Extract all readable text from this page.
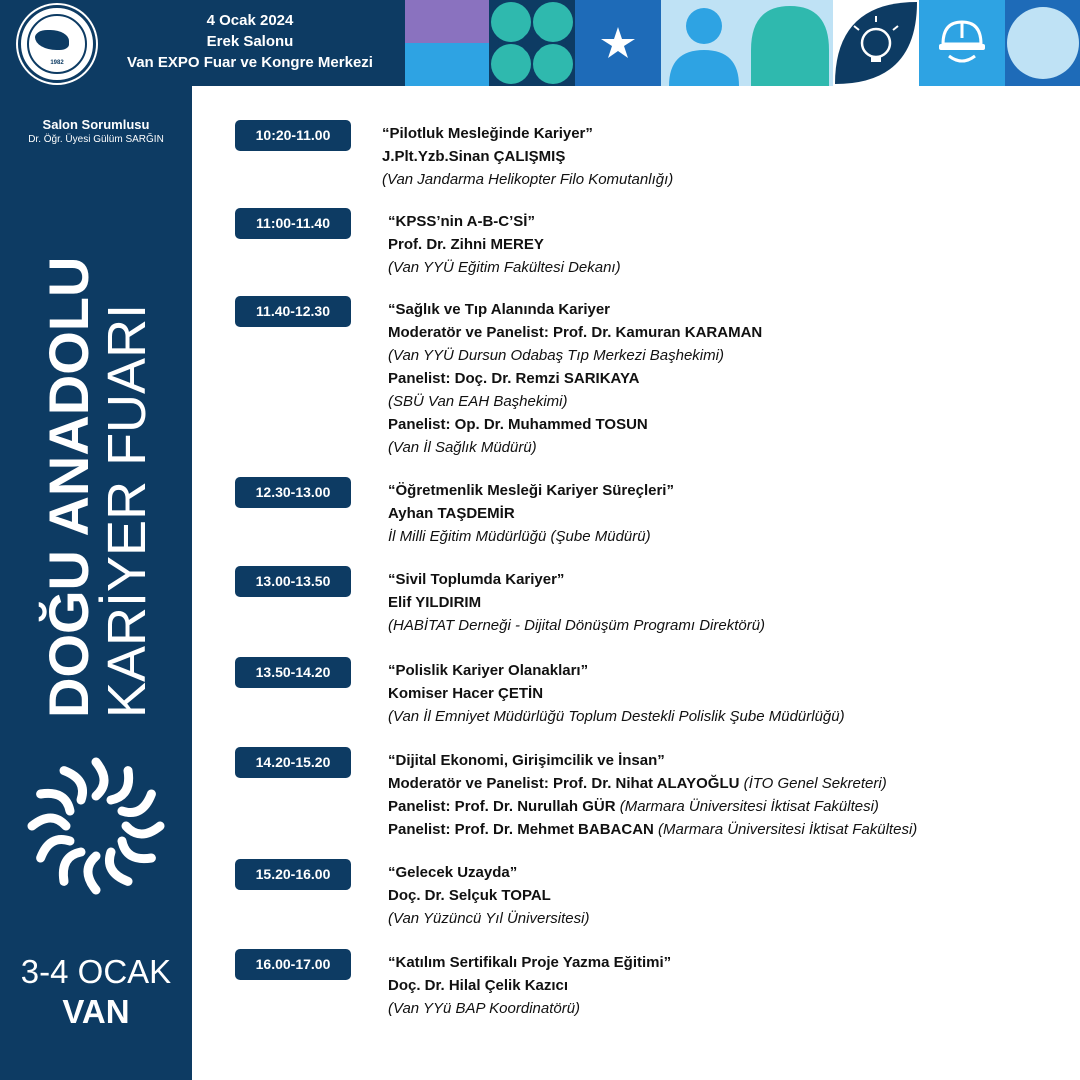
1982
4 Ocak 2024
Erek Salonu
Van EXPO Fuar ve Kongre Merkezi
Salon Sorumlusu
Dr. Öğr. Üyesi Gülüm SARĞIN
DOĞU ANADOLU
KARİYER FUARI
3-4 OCAK
VAN
10:20-11.00	“Pilotluk Mesleğinde Kariyer”
J.Plt.Yzb.Sinan ÇALIŞMIŞ
(Van Jandarma Helikopter Filo Komutanlığı)
11:00-11.40	“KPSS’nin A-B-C’Sİ”
Prof. Dr. Zihni MEREY
(Van YYÜ Eğitim Fakültesi Dekanı)
11.40-12.30	“Sağlık ve Tıp Alanında Kariyer
Moderatör ve Panelist: Prof. Dr. Kamuran KARAMAN
(Van YYÜ Dursun Odabaş Tıp Merkezi Başhekimi)
Panelist: Doç. Dr. Remzi SARIKAYA
(SBÜ Van EAH Başhekimi)
Panelist: Op. Dr. Muhammed TOSUN
(Van İl Sağlık Müdürü)
12.30-13.00	“Öğretmenlik Mesleği Kariyer Süreçleri”
Ayhan TAŞDEMİR
İl Milli Eğitim Müdürlüğü (Şube Müdürü)
13.00-13.50	“Sivil Toplumda Kariyer”
Elif YILDIRIM
(HABİTAT Derneği - Dijital Dönüşüm Programı Direktörü)
13.50-14.20	“Polislik Kariyer Olanakları”
Komiser Hacer ÇETİN
(Van İl Emniyet Müdürlüğü Toplum Destekli Polislik Şube Müdürlüğü)
14.20-15.20	“Dijital Ekonomi, Girişimcilik ve İnsan”
Moderatör ve Panelist: Prof. Dr. Nihat ALAYOĞLU (İTO Genel Sekreteri)
Panelist: Prof. Dr. Nurullah GÜR (Marmara Üniversitesi İktisat Fakültesi)
Panelist: Prof. Dr. Mehmet BABACAN (Marmara Üniversitesi İktisat Fakültesi)
15.20-16.00	“Gelecek Uzayda”
Doç. Dr. Selçuk TOPAL
(Van Yüzüncü Yıl Üniversitesi)
16.00-17.00	“Katılım Sertifikalı Proje Yazma Eğitimi”
Doç. Dr. Hilal Çelik Kazıcı
(Van YYü BAP Koordinatörü)
